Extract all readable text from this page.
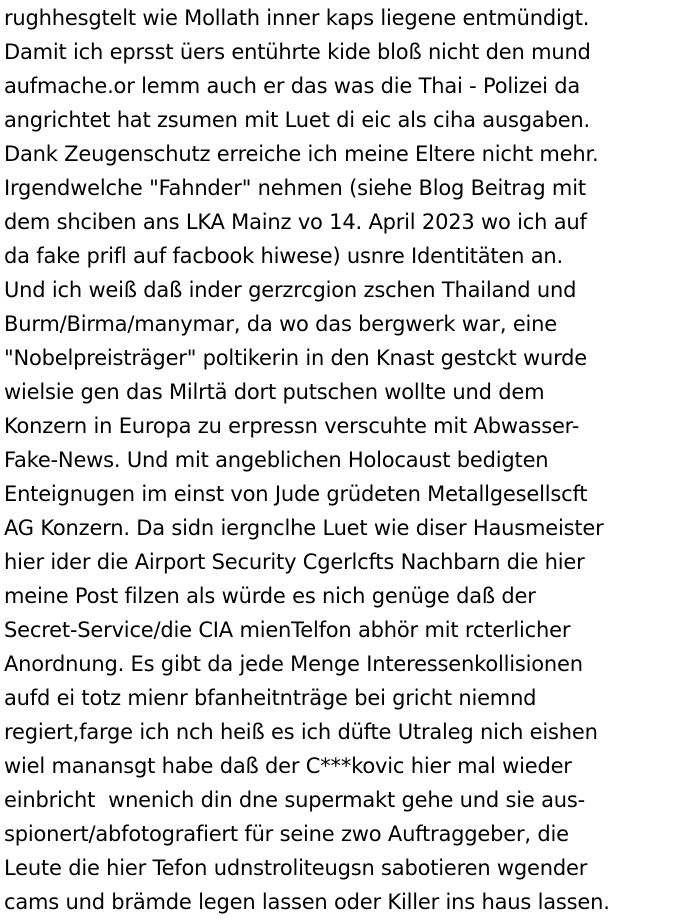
rughhesgtelt wie Mollath inner kaps liegene entmündigt.
Damit ich eprsst üers entührte kide bloß nicht den mund
aufmache.or lemm auch er das was die Thai - Polizei da
angrichtet hat zsumen mit Luet di eic als ciha ausgaben.
Dank Zeugenschutz erreiche ich meine Eltere nicht mehr.
Irgendwelche "Fahnder" nehmen (siehe Blog Beitrag mit
dem shciben ans LKA Mainz vo 14. April 2023 wo ich auf
da fake prifl auf facbook hiwese) usnre Identitäten an.
Und ich weiß daß inder gerzrcgion zschen Thailand und
Burm/Birma/manymar, da wo das bergwerk war, eine
"Nobelpreisträger" poltikerin in den Knast gestckt wurde
wielsie gen das Milrtä dort putschen wollte und dem
Konzern in Europa zu erpressn verscuhte mit Abwasser-
Fake-News. Und mit angeblichen Holocaust bedigten
Enteignugen im einst von Jude grüdeten Metallgesellscft
AG Konzern. Da sidn iergnclhe Luet wie diser Hausmeister
hier ider die Airport Security Cgerlcfts Nachbarn die hier
meine Post filzen als würde es nich genüge daß der
Secret-Service/die CIA mienTelfon abhör mit rcterlicher
Anordnung. Es gibt da jede Menge Interessenkollisionen
aufd ei totz mienr bfanheitnträge bei gricht niemnd
regiert,farge ich nch heiß es ich düfte Utraleg nich eishen
wiel manansgt habe daß der C***kovic hier mal wieder
einbricht  wnenich din dne supermakt gehe und sie aus-
spionert/abfotografiert für seine zwo Auftraggeber, die
Leute die hier Tefon udnstroliteugsn sabotieren wgender
cams und brämde legen lassen oder Killer ins haus lassen.
